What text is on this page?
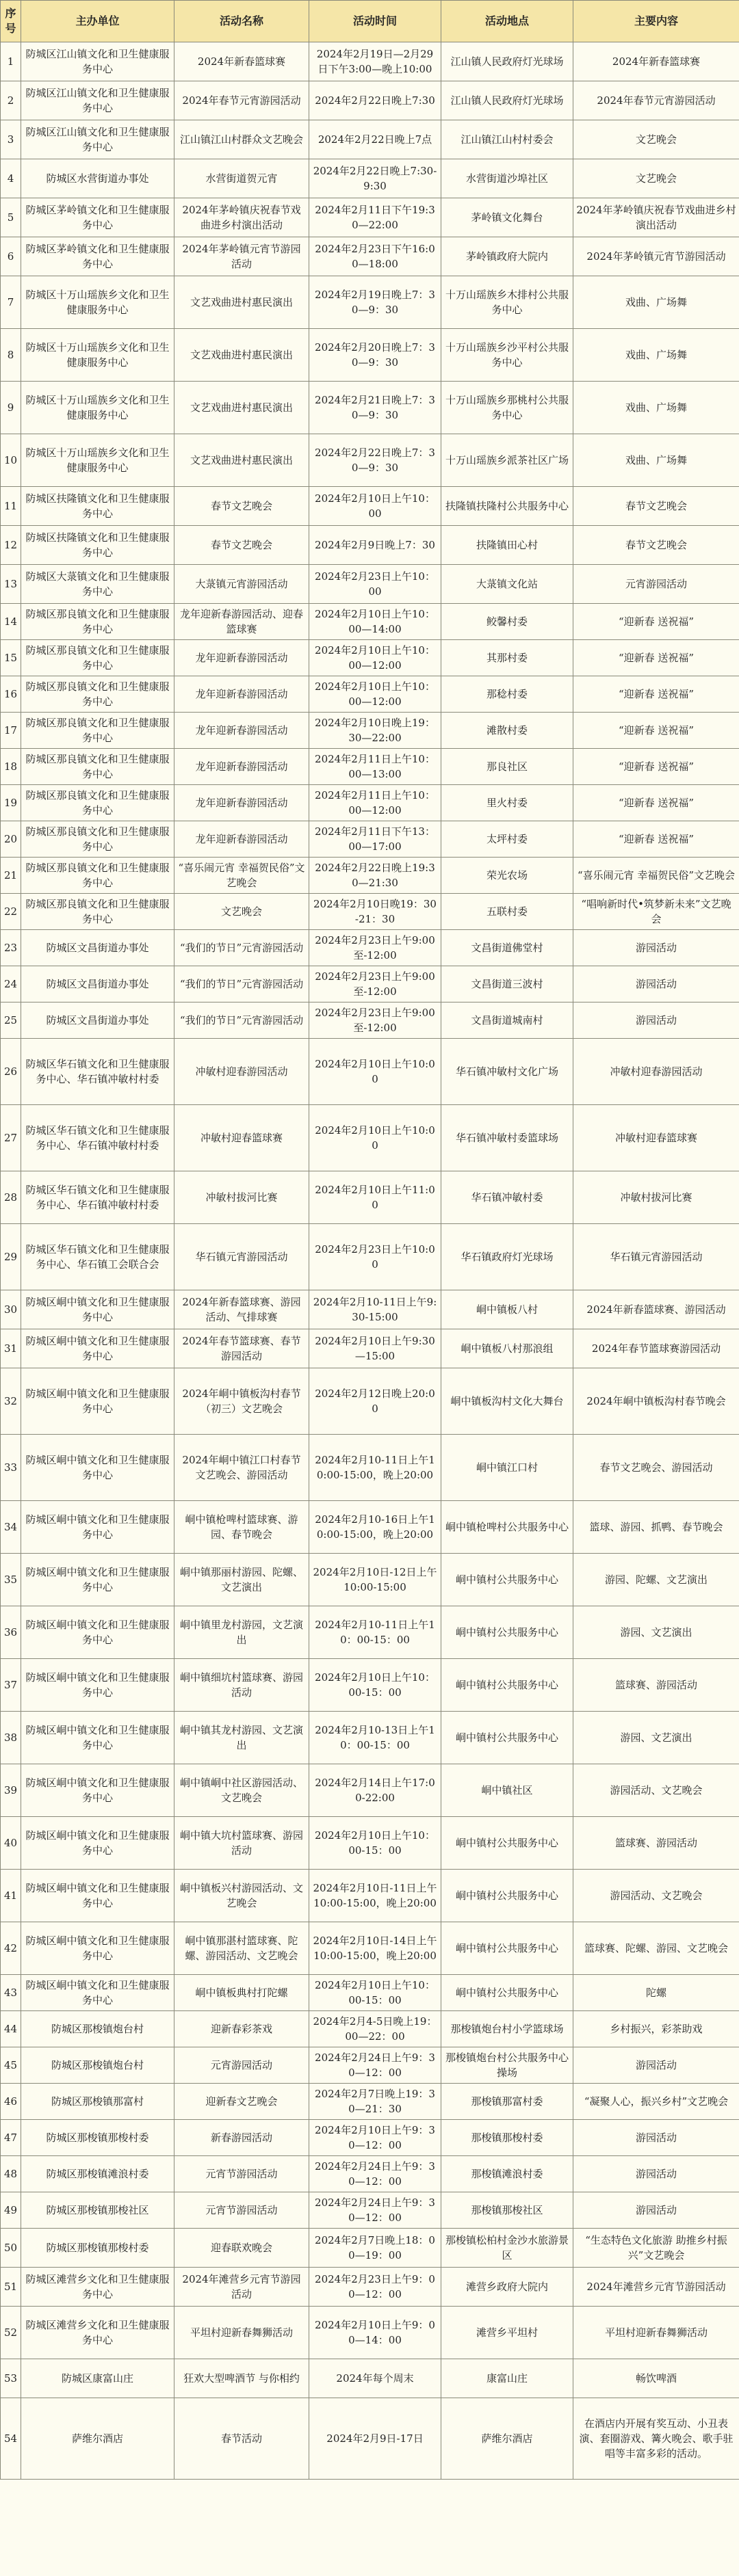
序号	主办单位	活动名称	活动时间	活动地点	主要内容
1	防城区江山镇文化和卫生健康服务中心	2024年新春篮球赛	2024年2月19日—2月29日下午3:00—晚上10:00	江山镇人民政府灯光球场	2024年新春篮球赛
2	防城区江山镇文化和卫生健康服务中心	2024年春节元宵游园活动	2024年2月22日晚上7:30	江山镇人民政府灯光球场	2024年春节元宵游园活动
3	防城区江山镇文化和卫生健康服务中心	江山镇江山村群众文艺晚会	2024年2月22日晚上7点	江山镇江山村村委会	文艺晚会
4	防城区水营街道办事处	水营街道贺元宵	2024年2月22日晚上7:30-9:30	水营街道沙埠社区	文艺晚会
5	防城区茅岭镇文化和卫生健康服务中心	2024年茅岭镇庆祝春节戏曲进乡村演出活动	2024年2月11日下午19:30—22:00	茅岭镇文化舞台	2024年茅岭镇庆祝春节戏曲进乡村演出活动
6	防城区茅岭镇文化和卫生健康服务中心	2024年茅岭镇元宵节游园活动	2024年2月23日下午16:00—18:00	茅岭镇政府大院内	2024年茅岭镇元宵节游园活动
7	防城区十万山瑶族乡文化和卫生健康服务中心	文艺戏曲进村惠民演出	2024年2月19日晚上7：30—9：30	十万山瑶族乡木排村公共服务中心	戏曲、广场舞
8	防城区十万山瑶族乡文化和卫生健康服务中心	文艺戏曲进村惠民演出	2024年2月20日晚上7：30—9：30	十万山瑶族乡沙平村公共服务中心	戏曲、广场舞
9	防城区十万山瑶族乡文化和卫生健康服务中心	文艺戏曲进村惠民演出	2024年2月21日晚上7：30—9：30	十万山瑶族乡那桃村公共服务中心	戏曲、广场舞
10	防城区十万山瑶族乡文化和卫生健康服务中心	文艺戏曲进村惠民演出	2024年2月22日晚上7：30—9：30	十万山瑶族乡派茶社区广场	戏曲、广场舞
11	防城区扶隆镇文化和卫生健康服务中心	春节文艺晚会	2024年2月10日上午10：00	扶隆镇扶隆村公共服务中心	春节文艺晚会
12	防城区扶隆镇文化和卫生健康服务中心	春节文艺晚会	2024年2月9日晚上7：30	扶隆镇田心村	春节文艺晚会
13	防城区大菉镇文化和卫生健康服务中心	大菉镇元宵游园活动	2024年2月23日上午10：00	大菉镇文化站	元宵游园活动
14	防城区那良镇文化和卫生健康服务中心	龙年迎新春游园活动、迎春篮球赛	2024年2月10日上午10：00—14:00	鲛馨村委	“迎新春 送祝福”
15	防城区那良镇文化和卫生健康服务中心	龙年迎新春游园活动	2024年2月10日上午10：00—12:00	其那村委	“迎新春 送祝福”
16	防城区那良镇文化和卫生健康服务中心	龙年迎新春游园活动	2024年2月10日上午10：00—12:00	那稔村委	“迎新春 送祝福”
17	防城区那良镇文化和卫生健康服务中心	龙年迎新春游园活动	2024年2月10日晚上19：30—22:00	滩散村委	“迎新春 送祝福”
18	防城区那良镇文化和卫生健康服务中心	龙年迎新春游园活动	2024年2月11日上午10：00—13:00	那良社区	“迎新春 送祝福”
19	防城区那良镇文化和卫生健康服务中心	龙年迎新春游园活动	2024年2月11日上午10：00—12:00	里火村委	“迎新春 送祝福”
20	防城区那良镇文化和卫生健康服务中心	龙年迎新春游园活动	2024年2月11日下午13：00—17:00	太坪村委	“迎新春 送祝福”
21	防城区那良镇文化和卫生健康服务中心	“喜乐闹元宵 幸福贺民俗”文艺晚会	2024年2月22日晚上19:30—21:30	荣光农场	“喜乐闹元宵 幸福贺民俗”文艺晚会
22	防城区那良镇文化和卫生健康服务中心	文艺晚会	2024年2月10日晚19：30-21：30	五联村委	“唱响新时代•筑梦新未来”文艺晚会
23	防城区文昌街道办事处	“我们的节日”元宵游园活动	2024年2月23日上午9:00至-12:00	文昌街道佛堂村	游园活动
24	防城区文昌街道办事处	“我们的节日”元宵游园活动	2024年2月23日上午9:00至-12:00	文昌街道三波村	游园活动
25	防城区文昌街道办事处	“我们的节日”元宵游园活动	2024年2月23日上午9:00至-12:00	文昌街道城南村	游园活动
26	防城区华石镇文化和卫生健康服务中心、华石镇冲敏村村委	冲敏村迎春游园活动	2024年2月10日上午10:00	华石镇冲敏村文化广场	冲敏村迎春游园活动
27	防城区华石镇文化和卫生健康服务中心、华石镇冲敏村村委	冲敏村迎春篮球赛	2024年2月10日上午10:00	华石镇冲敏村委篮球场	冲敏村迎春篮球赛
28	防城区华石镇文化和卫生健康服务中心、华石镇冲敏村村委	冲敏村拔河比赛	2024年2月10日上午11:00	华石镇冲敏村委	冲敏村拔河比赛
29	防城区华石镇文化和卫生健康服务中心、华石镇工会联合会	华石镇元宵游园活动	2024年2月23日上午10:00	华石镇政府灯光球场	华石镇元宵游园活动
30	防城区峒中镇文化和卫生健康服务中心	2024年新春篮球赛、游园活动、气排球赛	2024年2月10-11日上午9:30-15:00	峒中镇板八村	2024年新春篮球赛、游园活动
31	防城区峒中镇文化和卫生健康服务中心	2024年春节篮球赛、春节游园活动	2024年2月10日上午9:30—15:00	峒中镇板八村那浪组	2024年春节篮球赛游园活动
32	防城区峒中镇文化和卫生健康服务中心	2024年峒中镇板沟村春节（初三）文艺晚会	2024年2月12日晚上20:00	峒中镇板沟村文化大舞台	2024年峒中镇板沟村春节晚会
33	防城区峒中镇文化和卫生健康服务中心	2024年峒中镇江口村春节文艺晚会、游园活动	2024年2月10-11日上午10:00-15:00，晚上20:00	峒中镇江口村	春节文艺晚会、游园活动
34	防城区峒中镇文化和卫生健康服务中心	峒中镇枪啤村篮球赛、游园、春节晚会	2024年2月10-16日上午10:00-15:00，晚上20:00	峒中镇枪啤村公共服务中心	篮球、游园、抓鸭、春节晚会
35	防城区峒中镇文化和卫生健康服务中心	峒中镇那丽村游园、陀螺、文艺演出	2024年2月10日-12日上午10:00-15:00	峒中镇村公共服务中心	游园、陀螺、文艺演出
36	防城区峒中镇文化和卫生健康服务中心	峒中镇里龙村游园，文艺演出	2024年2月10-11日上午10：00-15：00	峒中镇村公共服务中心	游园、文艺演出
37	防城区峒中镇文化和卫生健康服务中心	峒中镇细坑村篮球赛、游园活动	2024年2月10日上午10：00-15：00	峒中镇村公共服务中心	篮球赛、游园活动
38	防城区峒中镇文化和卫生健康服务中心	峒中镇其龙村游园、文艺演出	2024年2月10-13日上午10：00-15：00	峒中镇村公共服务中心	游园、文艺演出
39	防城区峒中镇文化和卫生健康服务中心	峒中镇峒中社区游园活动、文艺晚会	2024年2月14日上午17:00-22:00	峒中镇社区	游园活动、文艺晚会
40	防城区峒中镇文化和卫生健康服务中心	峒中镇大坑村篮球赛、游园活动	2024年2月10日上午10：00-15：00	峒中镇村公共服务中心	篮球赛、游园活动
41	防城区峒中镇文化和卫生健康服务中心	峒中镇板兴村游园活动、文艺晚会	2024年2月10日-11日上午10:00-15:00，晚上20:00	峒中镇村公共服务中心	游园活动、文艺晚会
42	防城区峒中镇文化和卫生健康服务中心	峒中镇那湛村篮球赛、陀螺、游园活动、文艺晚会	2024年2月10日-14日上午10:00-15:00，晚上20:00	峒中镇村公共服务中心	篮球赛、陀螺、游园、文艺晚会
43	防城区峒中镇文化和卫生健康服务中心	峒中镇板典村打陀螺	2024年2月10日上午10：00-15：00	峒中镇村公共服务中心	陀螺
44	防城区那梭镇炮台村	迎新春彩茶戏	2024年2月4-5日晚上19：00—22：00	那梭镇炮台村小学篮球场	乡村振兴，彩茶助戏
45	防城区那梭镇炮台村	元宵游园活动	2024年2月24日上午9：30—12：00	那梭镇炮台村公共服务中心操场	游园活动
46	防城区那梭镇那富村	迎新春文艺晚会	2024年2月7日晚上19：30—21：30	那梭镇那富村委	“凝聚人心，振兴乡村”文艺晚会
47	防城区那梭镇那梭村委	新春游园活动	2024年2月10日上午9：30—12：00	那梭镇那梭村委	游园活动
48	防城区那梭镇滩浪村委	元宵节游园活动	2024年2月24日上午9：30—12：00	那梭镇滩浪村委	游园活动
49	防城区那梭镇那梭社区	元宵节游园活动	2024年2月24日上午9：30—12：00	那梭镇那梭社区	游园活动
50	防城区那梭镇那梭村委	迎春联欢晚会	2024年2月7日晚上18：00—19：00	那梭镇松柏村金沙水旅游景区	“生态特色文化旅游 助推乡村振兴”文艺晚会
51	防城区滩营乡文化和卫生健康服务中心	2024年滩营乡元宵节游园活动	2024年2月23日上午9：00—12：00	滩营乡政府大院内	2024年滩营乡元宵节游园活动
52	防城区滩营乡文化和卫生健康服务中心	平坦村迎新春舞狮活动	2024年2月10日上午9：00—14：00	滩营乡平坦村	平坦村迎新春舞狮活动
53	防城区康富山庄	狂欢大型啤酒节 与你相约	2024年每个周末	康富山庄	畅饮啤酒
54	萨维尔酒店	春节活动	2024年2月9日-17日	萨维尔酒店	在酒店内开展有奖互动、小丑表演、套圈游戏、篝火晚会、歌手驻唱等丰富多彩的活动。
